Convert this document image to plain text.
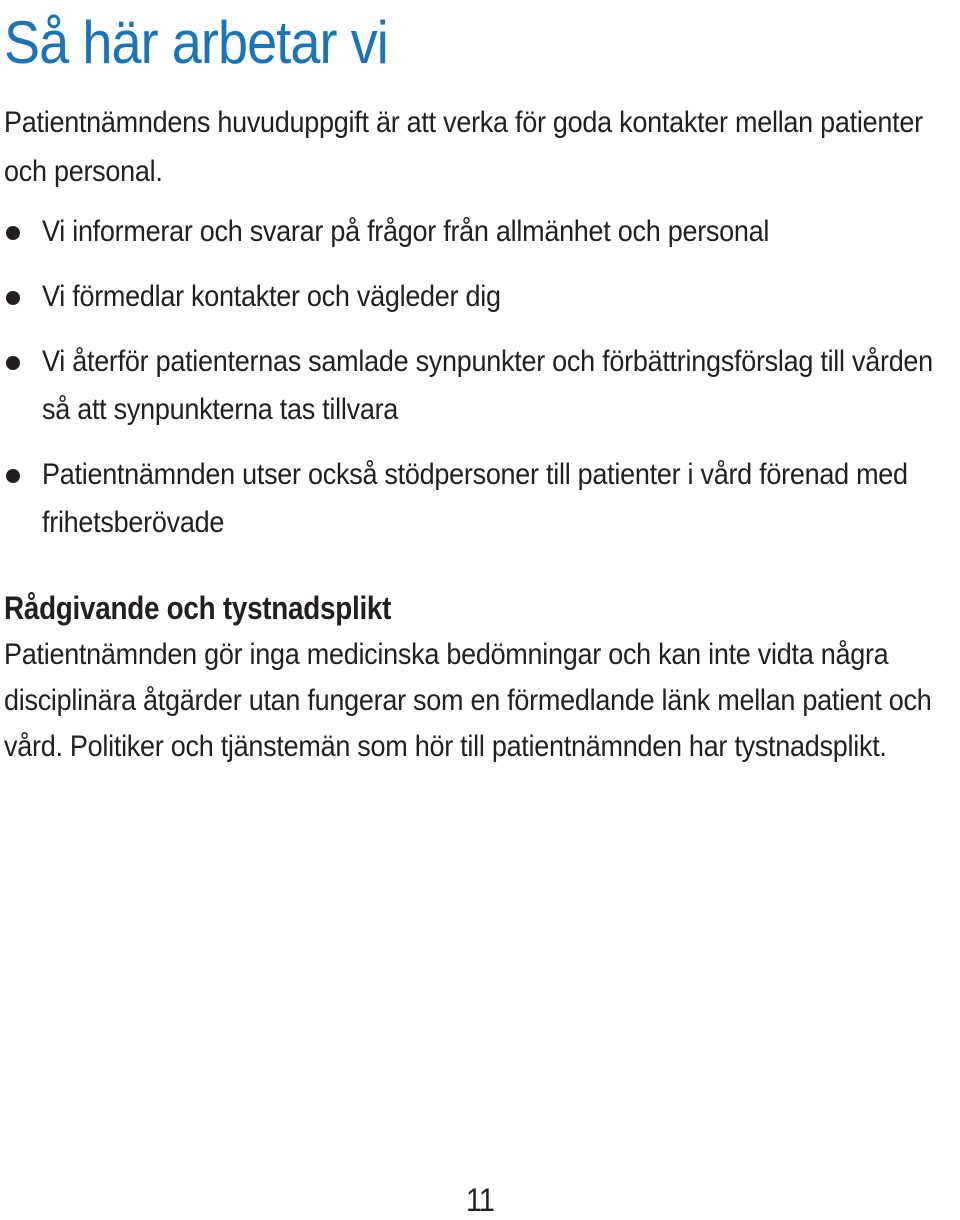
Så här arbetar vi

Patientnämndens huvuduppgift är att verka för goda kontakter mellan patienter och personal.

Vi informerar och svarar på frågor från allmänhet och personal
Vi förmedlar kontakter och vägleder dig
Vi återför patienternas samlade synpunkter och förbättringsförslag till vården så att synpunkterna tas tillvara
Patientnämnden utser också stödpersoner till patienter i vård förenad med frihetsberövade
Rådgivande och tystnadsplikt

Patientnämnden gör inga medicinska bedömningar och kan inte vidta några disciplinära åtgärder utan fungerar som en förmedlande länk mellan patient och vård. Politiker och tjänstemän som hör till patientnämnden har tystnadsplikt.

11
